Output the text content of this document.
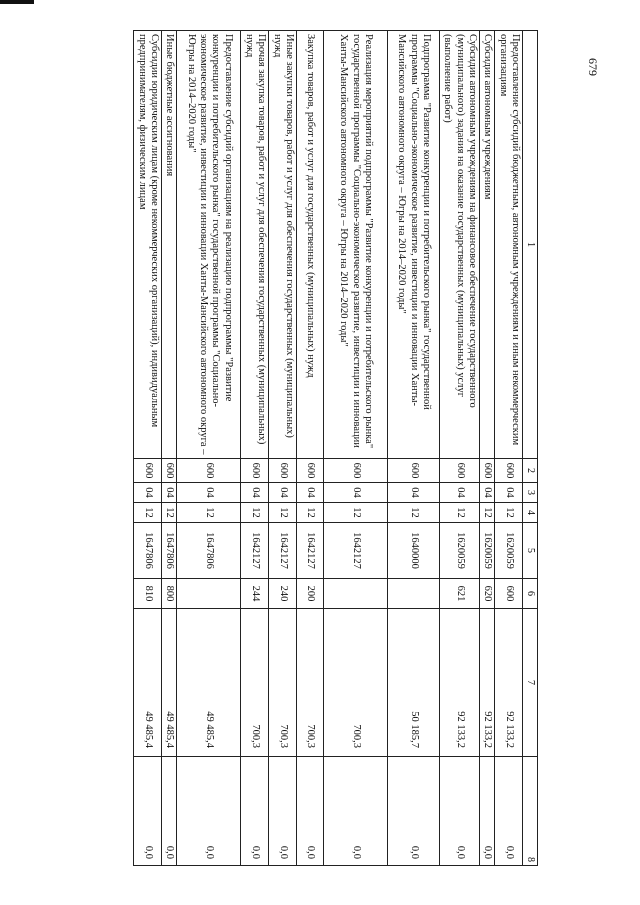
679
1	2	3	4	5	6	7	8
Предоставление субсидий бюджетным, автономным учреждениям и иным некоммерческим организациям	600	04	12	1620059	600	92 133,2	0,0
Субсидии автономным учреждениям	600	04	12	1620059	620	92 133,2	0,0
Субсидии автономным учреждениям на финансовое обеспечение государственного (муниципального) задания на оказание государственных (муниципальных) услуг (выполнение работ)	600	04	12	1620059	621	92 133,2	0,0
Подпрограмма "Развитие конкуренции и потребительского рынка" государственной программы "Социально-экономическое развитие, инвестиции и инновации Ханты-Мансийского автономного округа – Югры на 2014–2020 годы"	600	04	12	1640000		50 185,7	0,0
Реализация мероприятий подпрограммы "Развитие конкуренции и потребительского рынка" государственной программы "Социально-экономическое развитие, инвестиции и инновации Ханты-Мансийского автономного округа – Югры на 2014–2020 годы"	600	04	12	1642127		700,3	0,0
Закупка товаров, работ и услуг для государственных (муниципальных) нужд	600	04	12	1642127	200	700,3	0,0
Иные закупки товаров, работ и услуг для обеспечения государственных (муниципальных) нужд	600	04	12	1642127	240	700,3	0,0
Прочая закупка товаров, работ и услуг для обеспечения государственных (муниципальных) нужд	600	04	12	1642127	244	700,3	0,0
Предоставление субсидий организациям на реализацию подпрограммы "Развитие конкуренции и потребительского рынка" государственной программы "Социально-экономическое развитие, инвестиции и инновации Ханты-Мансийского автономного округа – Югры на 2014–2020 годы"	600	04	12	1647806		49 485,4	0,0
Иные бюджетные ассигнования	600	04	12	1647806	800	49 485,4	0,0
Субсидии юридическим лицам (кроме некоммерческих организаций), индивидуальным предпринимателям, физическим лицам	600	04	12	1647806	810	49 485,4	0,0
